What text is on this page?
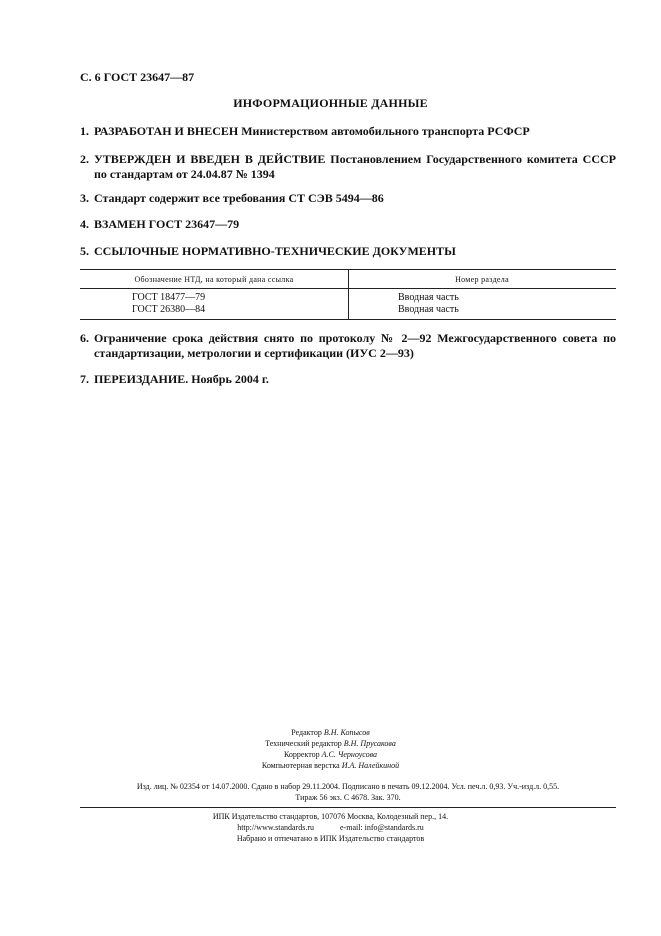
С. 6 ГОСТ 23647—87
ИНФОРМАЦИОННЫЕ ДАННЫЕ
1. РАЗРАБОТАН И ВНЕСЕН Министерством автомобильного транспорта РСФСР
2. УТВЕРЖДЕН И ВВЕДЕН В ДЕЙСТВИЕ Постановлением Государственного комитета СССР по стандартам от 24.04.87 № 1394
3. Стандарт содержит все требования СТ СЭВ 5494—86
4. ВЗАМЕН ГОСТ 23647—79
5. ССЫЛОЧНЫЕ НОРМАТИВНО-ТЕХНИЧЕСКИЕ ДОКУМЕНТЫ
Обозначение НТД, на который дана ссылка	Номер раздела
ГОСТ 18477—79	Вводная часть
ГОСТ 26380—84	Вводная часть
6. Ограничение срока действия снято по протоколу № 2—92 Межгосударственного совета по стандартизации, метрологии и сертификации (ИУС 2—93)
7. ПЕРЕИЗДАНИЕ. Ноябрь 2004 г.
Редактор В.Н. Копысов
Технический редактор В.Н. Прусакова
Корректор А.С. Черноусова
Компьютерная верстка И.А. Налейкиной
Изд. лиц. № 02354 от 14.07.2000. Сдано в набор 29.11.2004. Подписано в печать 09.12.2004. Усл. печ.л. 0,93. Уч.-изд.л. 0,55.
Тираж 56 экз. С 4678. Зак. 370.
ИПК Издательство стандартов, 107076 Москва, Колодезный пер., 14.
http://www.standards.ru	e-mail: info@standards.ru
Набрано и отпечатано в ИПК Издательство стандартов
